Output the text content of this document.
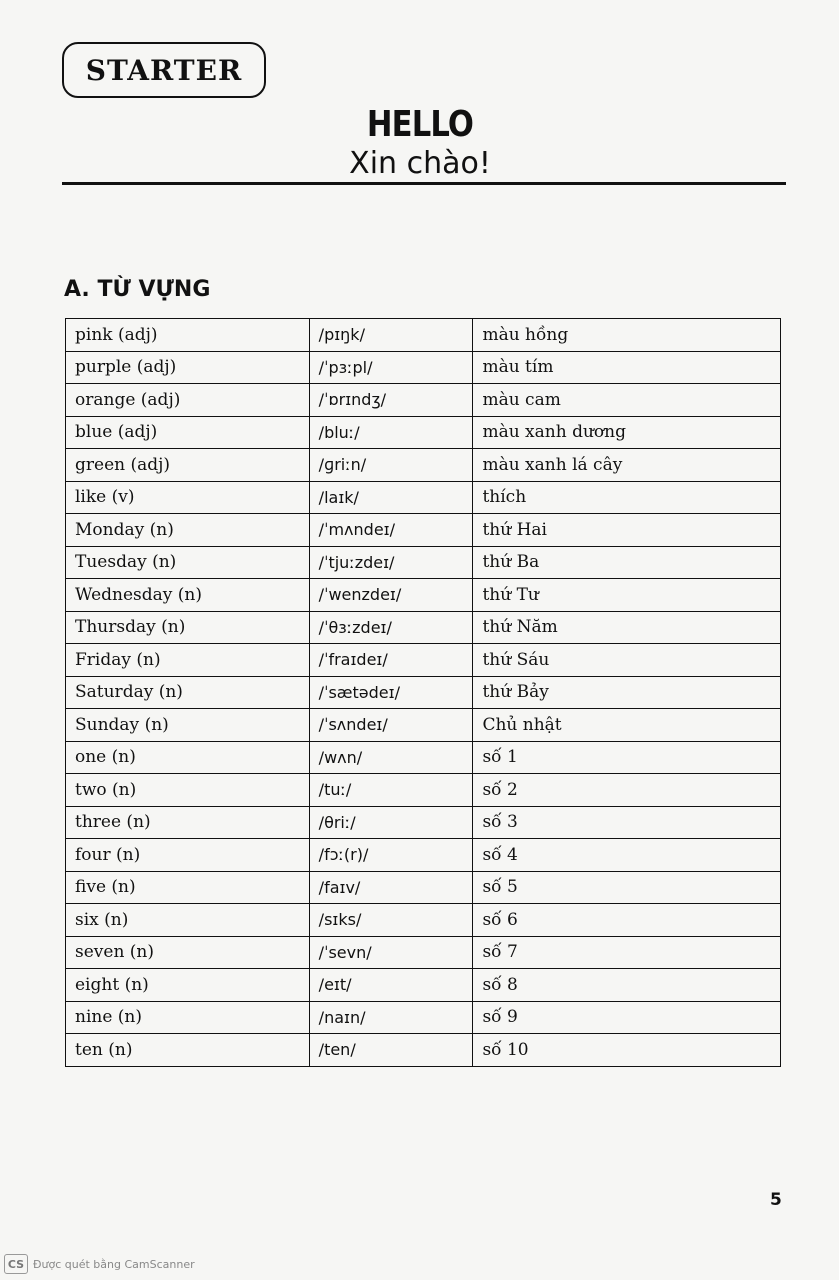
STARTER
HELLO
Xin chào!
A. TỪ VỰNG
pink (adj)	/pɪŋk/	màu hồng
purple (adj)	/ˈpɜːpl/	màu tím
orange (adj)	/ˈɒrɪndʒ/	màu cam
blue (adj)	/bluː/	màu xanh dương
green (adj)	/ɡriːn/	màu xanh lá cây
like (v)	/laɪk/	thích
Monday (n)	/ˈmʌndeɪ/	thứ Hai
Tuesday (n)	/ˈtjuːzdeɪ/	thứ Ba
Wednesday (n)	/ˈwenzdeɪ/	thứ Tư
Thursday (n)	/ˈθɜːzdeɪ/	thứ Năm
Friday (n)	/ˈfraɪdeɪ/	thứ Sáu
Saturday (n)	/ˈsætədeɪ/	thứ Bảy
Sunday (n)	/ˈsʌndeɪ/	Chủ nhật
one (n)	/wʌn/	số 1
two (n)	/tuː/	số 2
three (n)	/θriː/	số 3
four (n)	/fɔː(r)/	số 4
five (n)	/faɪv/	số 5
six (n)	/sɪks/	số 6
seven (n)	/ˈsevn/	số 7
eight (n)	/eɪt/	số 8
nine (n)	/naɪn/	số 9
ten (n)	/ten/	số 10
5
CS Được quét bằng CamScanner
